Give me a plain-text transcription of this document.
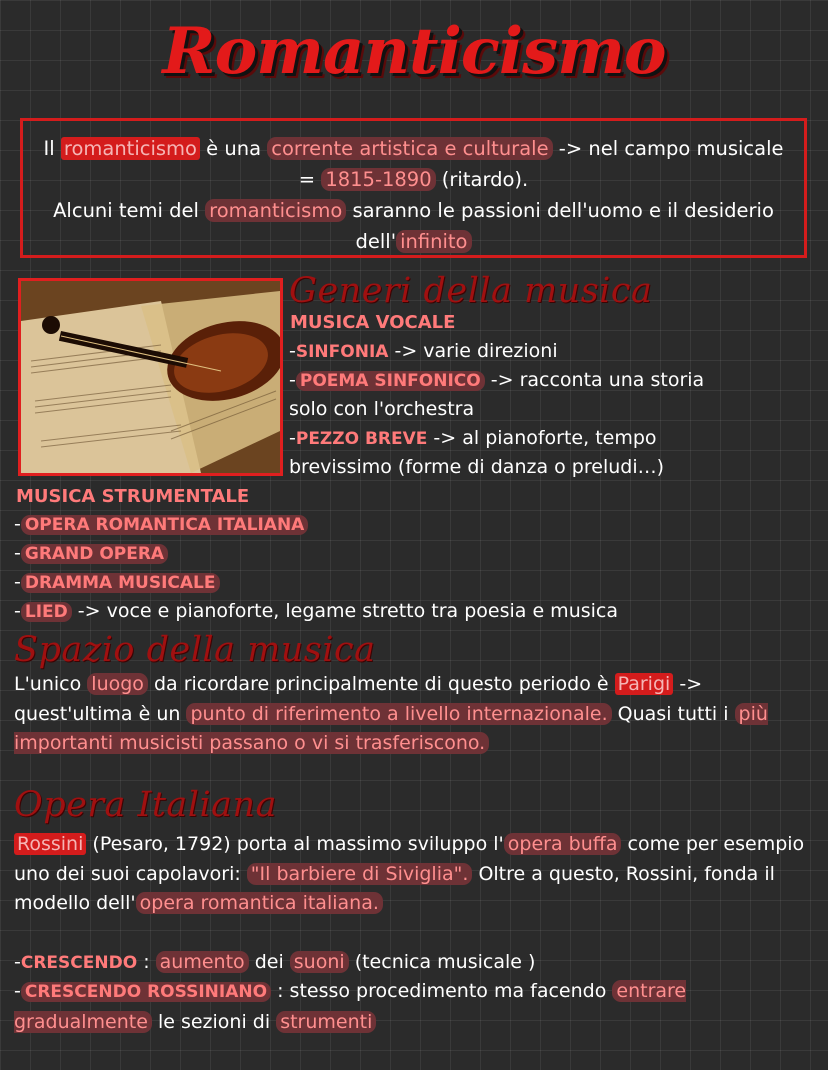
Romanticismo
Il romanticismo è una corrente artistica e culturale -> nel campo musicale = 1815-1890 (ritardo).
Alcuni temi del romanticismo saranno le passioni dell'uomo e il desiderio dell' infinito
Generi della musica
MUSICA VOCALE
-SINFONIA -> varie direzioni
- POEMA SINFONICO -> racconta una storia
solo con l'orchestra
-PEZZO BREVE -> al pianoforte, tempo
brevissimo (forme di danza o preludi…)
MUSICA STRUMENTALE
- OPERA ROMANTICA ITALIANA
- GRAND OPERA
- DRAMMA MUSICALE
- LIED -> voce e pianoforte, legame stretto tra poesia e musica
Spazio della musica
L'unico luogo da ricordare principalmente di questo periodo è Parigi -> quest'ultima è un punto di riferimento a livello internazionale. Quasi tutti i più importanti musicisti passano o vi si trasferiscono.
Opera Italiana
Rossini (Pesaro, 1792) porta al massimo sviluppo l' opera buffa come per esempio uno dei suoi capolavori: "Il barbiere di Siviglia". Oltre a questo, Rossini, fonda il modello dell' opera romantica italiana.
-CRESCENDO : aumento dei suoni (tecnica musicale )
- CRESCENDO ROSSINIANO : stesso procedimento ma facendo entrare gradualmente le sezioni di strumenti
